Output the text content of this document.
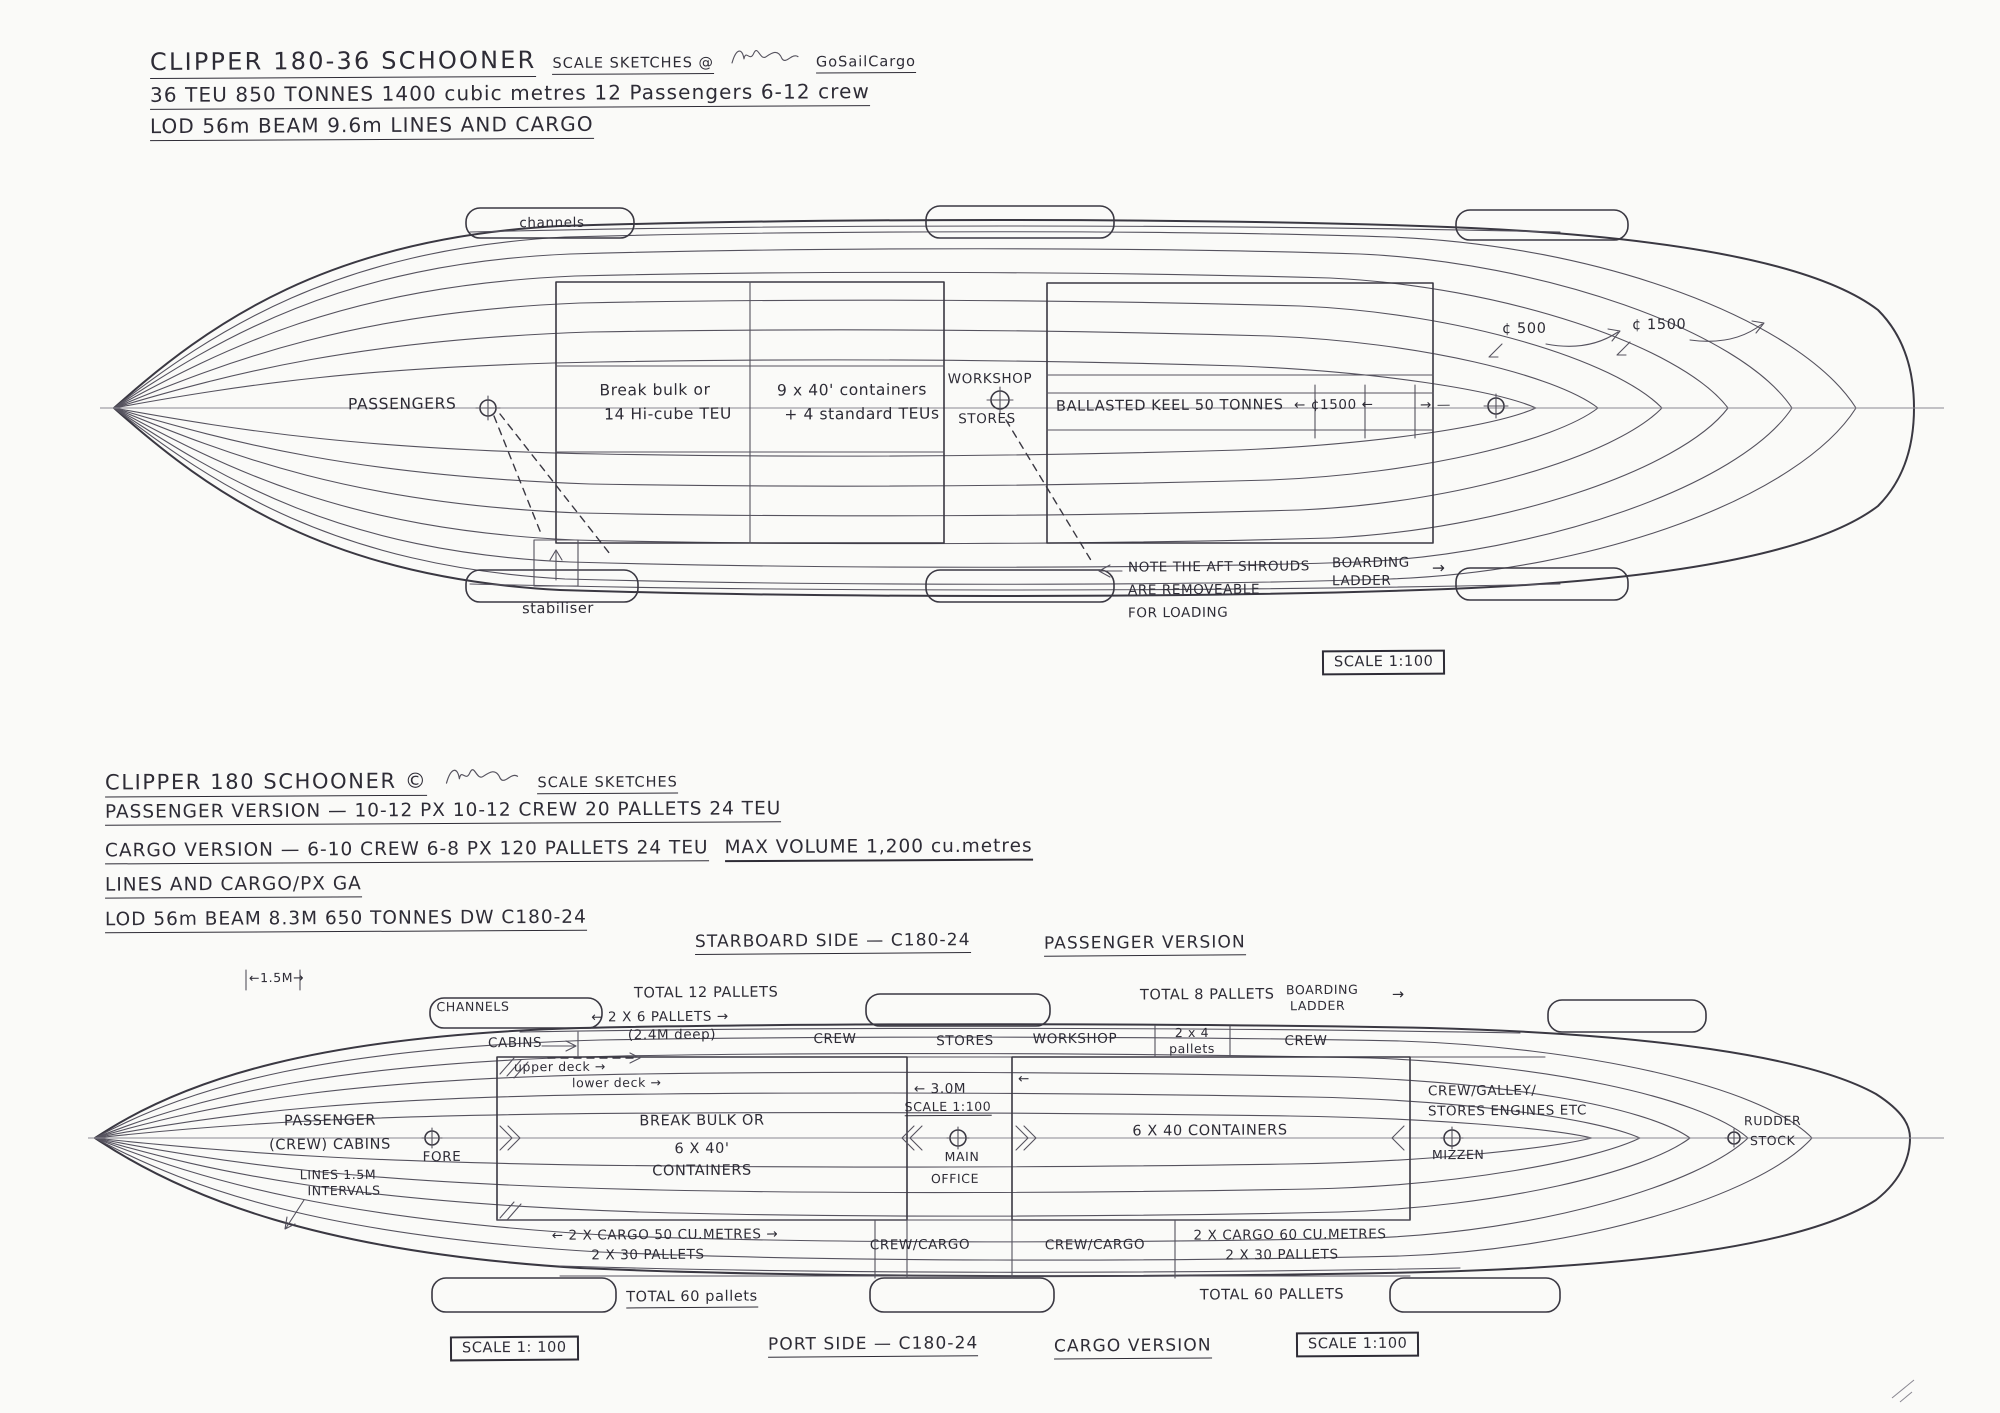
CLIPPER 180-36 SCHOONER SCALE SKETCHES @	GoSailCargo
36 TEU 850 TONNES 1400 cubic metres 12 Passengers 6-12 crew
LOD 56m BEAM 9.6m LINES AND CARGO
channels
PASSENGERS
Break bulk or
14 Hi-cube TEU
9 x 40' containers
+ 4 standard TEUs
WORKSHOP
STORES
BALLASTED KEEL 50 TONNES ← ¢1500 ←	→ —
¢ 500	¢ 1500
stabiliser
NOTE THE AFT SHROUDS
ARE REMOVEABLE
FOR LOADING
BOARDING
LADDER
→
SCALE 1:100
CLIPPER 180 SCHOONER ©	SCALE SKETCHES
PASSENGER VERSION — 10-12 PX 10-12 CREW 20 PALLETS 24 TEU
CARGO VERSION — 6-10 CREW 6-8 PX 120 PALLETS 24 TEU MAX VOLUME 1,200 cu.metres
LINES AND CARGO/PX GA
LOD 56m BEAM 8.3M 650 TONNES DW C180-24
STARBOARD SIDE — C180-24	PASSENGER VERSION
←1.5M→
CHANNELS
TOTAL 12 PALLETS	TOTAL 8 PALLETS BOARDING
LADDER
→
← 2 X 6 PALLETS →
(2.4M deep)
CABINS
upper deck →
lower deck →
CREW	STORES	WORKSHOP	2 x 4
pallets	CREW
← 3.0M
SCALE 1:100
←
BREAK BULK OR
6 X 40'
CONTAINERS
MAIN
OFFICE
6 X 40 CONTAINERS
CREW/GALLEY/
STORES ENGINES ETC
MIZZEN
RUDDER
STOCK
PASSENGER
(CREW) CABINS
FORE
LINES 1.5M
INTERVALS
← 2 X CARGO 50 CU.METRES →
2 X 30 PALLETS
CREW/CARGO	CREW/CARGO
2 X CARGO 60 CU.METRES
2 X 30 PALLETS
TOTAL 60 pallets	TOTAL 60 PALLETS
SCALE 1: 100	PORT SIDE — C180-24	CARGO VERSION	SCALE 1:100
